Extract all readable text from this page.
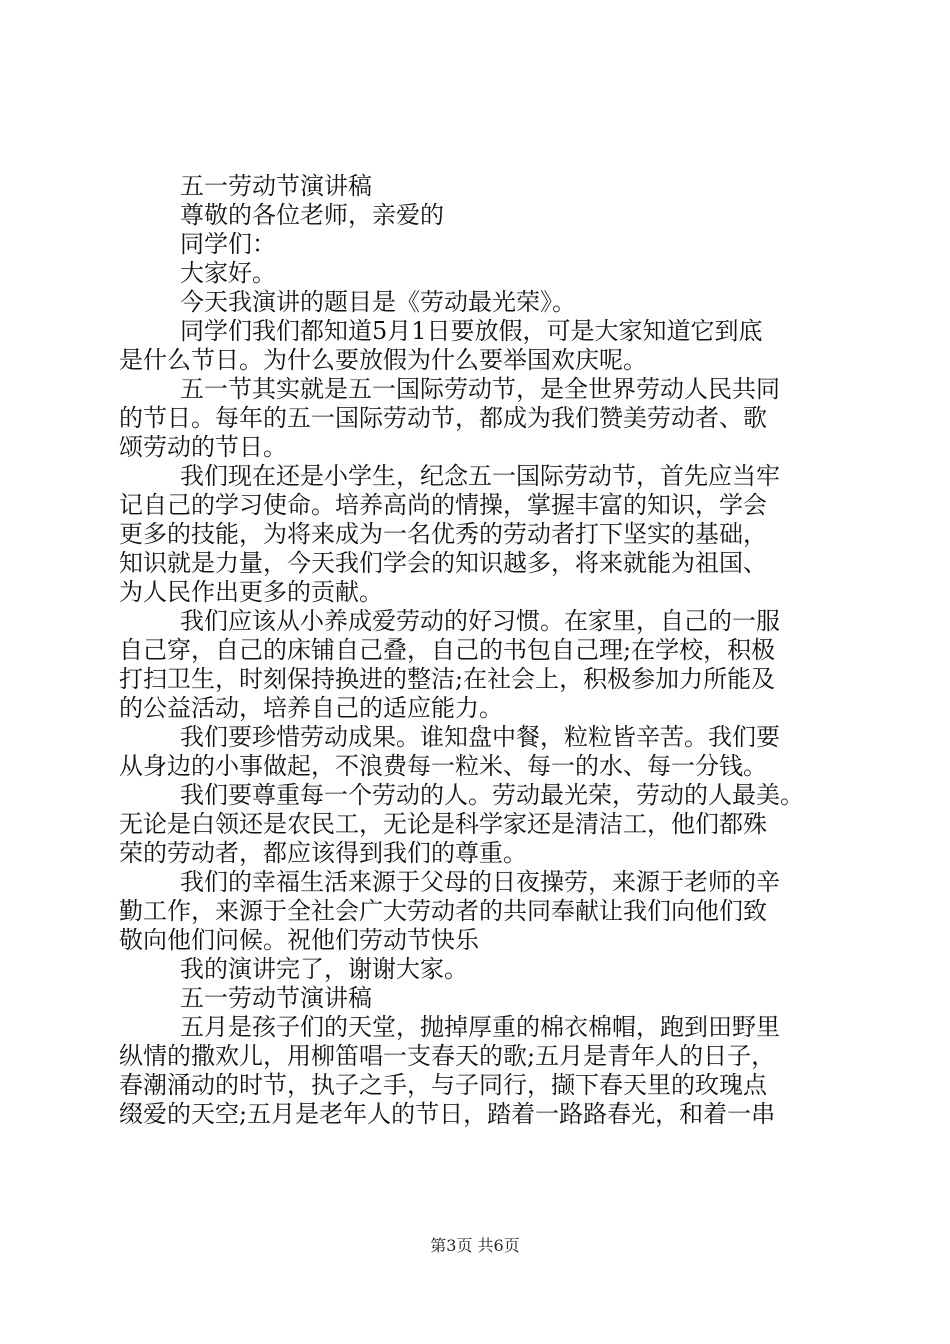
五一劳动节演讲稿
尊敬的各位老师，亲爱的
同学们：
大家好。
今天我演讲的题目是《劳动最光荣》。
同学们我们都知道5月1日要放假，可是大家知道它到底
是什么节日。为什么要放假为什么要举国欢庆呢。
五一节其实就是五一国际劳动节，是全世界劳动人民共同
的节日。每年的五一国际劳动节，都成为我们赞美劳动者、歌
颂劳动的节日。
我们现在还是小学生，纪念五一国际劳动节，首先应当牢
记自己的学习使命。培养高尚的情操，掌握丰富的知识，学会
更多的技能，为将来成为一名优秀的劳动者打下坚实的基础，
知识就是力量，今天我们学会的知识越多，将来就能为祖国、
为人民作出更多的贡献。
我们应该从小养成爱劳动的好习惯。在家里，自己的一服
自己穿，自己的床铺自己叠，自己的书包自己理;在学校，积极
打扫卫生，时刻保持换进的整洁;在社会上，积极参加力所能及
的公益活动，培养自己的适应能力。
我们要珍惜劳动成果。谁知盘中餐，粒粒皆辛苦。我们要
从身边的小事做起，不浪费每一粒米、每一的水、每一分钱。
我们要尊重每一个劳动的人。劳动最光荣，劳动的人最美。
无论是白领还是农民工，无论是科学家还是清洁工，他们都殊
荣的劳动者，都应该得到我们的尊重。
我们的幸福生活来源于父母的日夜操劳，来源于老师的辛
勤工作，来源于全社会广大劳动者的共同奉献让我们向他们致
敬向他们问候。祝他们劳动节快乐
我的演讲完了，谢谢大家。
五一劳动节演讲稿
五月是孩子们的天堂，抛掉厚重的棉衣棉帽，跑到田野里
纵情的撒欢儿，用柳笛唱一支春天的歌;五月是青年人的日子，
春潮涌动的时节，执子之手，与子同行，撷下春天里的玫瑰点
缀爱的天空;五月是老年人的节日，踏着一路路春光，和着一串
第3页 共6页
